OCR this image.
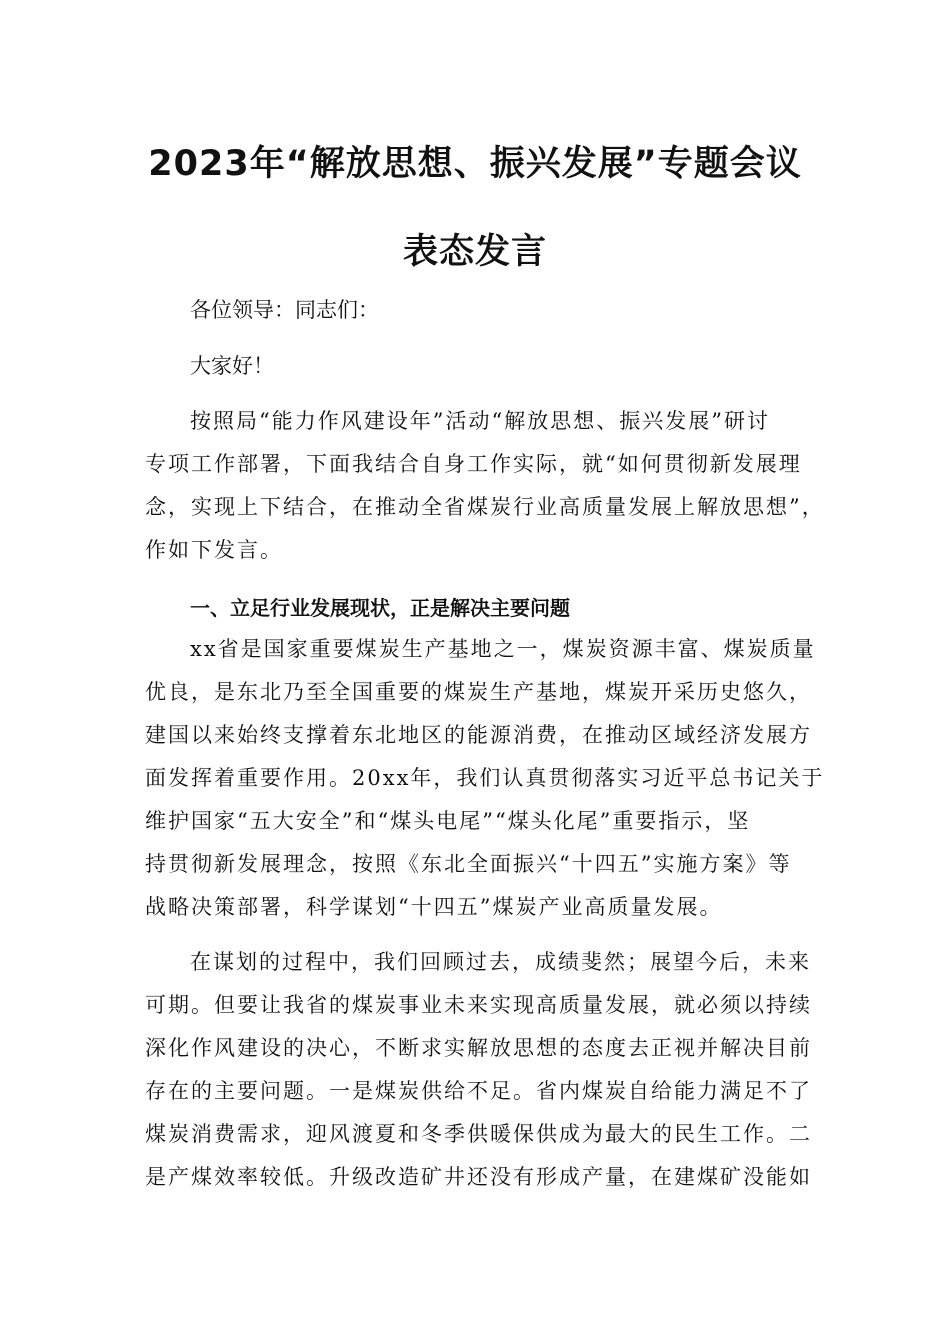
2023年“解放思想、振兴发展”专题会议
表态发言
各位领导：同志们：
大家好！
按照局“能力作风建设年”活动“解放思想、振兴发展”研讨
专项工作部署，下面我结合自身工作实际，就“如何贯彻新发展理
念，实现上下结合，在推动全省煤炭行业高质量发展上解放思想”，
作如下发言。
一、立足行业发展现状，正是解决主要问题
xx省是国家重要煤炭生产基地之一，煤炭资源丰富、煤炭质量
优良，是东北乃至全国重要的煤炭生产基地，煤炭开采历史悠久，
建国以来始终支撑着东北地区的能源消费，在推动区域经济发展方
面发挥着重要作用。20xx年，我们认真贯彻落实习近平总书记关于
维护国家“五大安全”和“煤头电尾”“煤头化尾”重要指示，坚
持贯彻新发展理念，按照《东北全面振兴“十四五”实施方案》等
战略决策部署，科学谋划“十四五”煤炭产业高质量发展。
在谋划的过程中，我们回顾过去，成绩斐然；展望今后，未来
可期。但要让我省的煤炭事业未来实现高质量发展，就必须以持续
深化作风建设的决心，不断求实解放思想的态度去正视并解决目前
存在的主要问题。一是煤炭供给不足。省内煤炭自给能力满足不了
煤炭消费需求，迎风渡夏和冬季供暖保供成为最大的民生工作。二
是产煤效率较低。升级改造矿井还没有形成产量，在建煤矿没能如
